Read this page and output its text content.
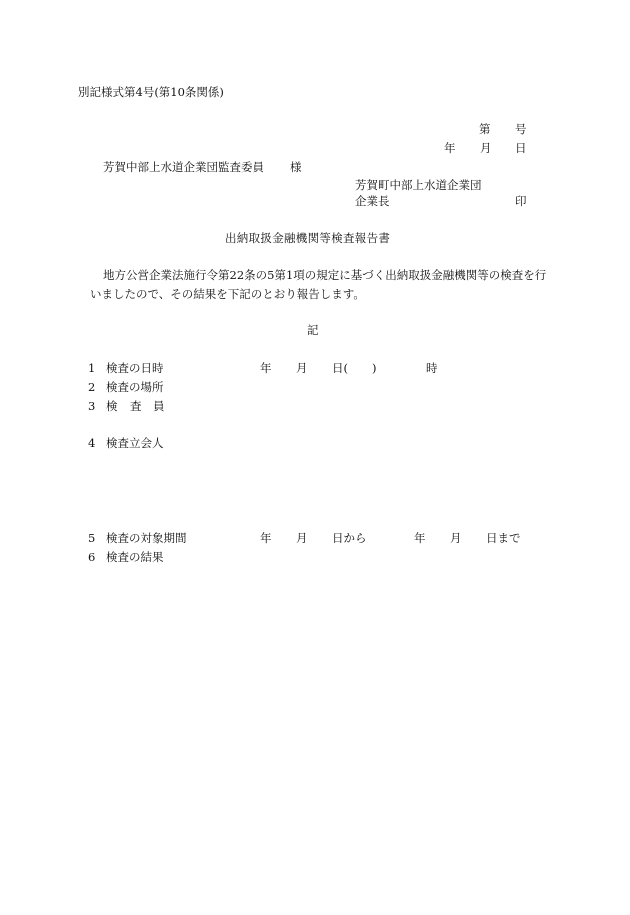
別記様式第4号(第10条関係)
第 号
年 月 日
芳賀中部上水道企業団監査委員 様
芳賀町中部上水道企業団
企業長	印
出納取扱金融機関等検査報告書
地方公営企業法施行令第22条の5第1項の規定に基づく出納取扱金融機関等の検査を行
いましたので、その結果を下記のとおり報告します。
記
1 検査の日時	年 月 日( )	時
2 検査の場所
3 検 査 員
4 検査立会人
5 検査の対象期間	年 月 日から	年 月 日まで
6 検査の結果
